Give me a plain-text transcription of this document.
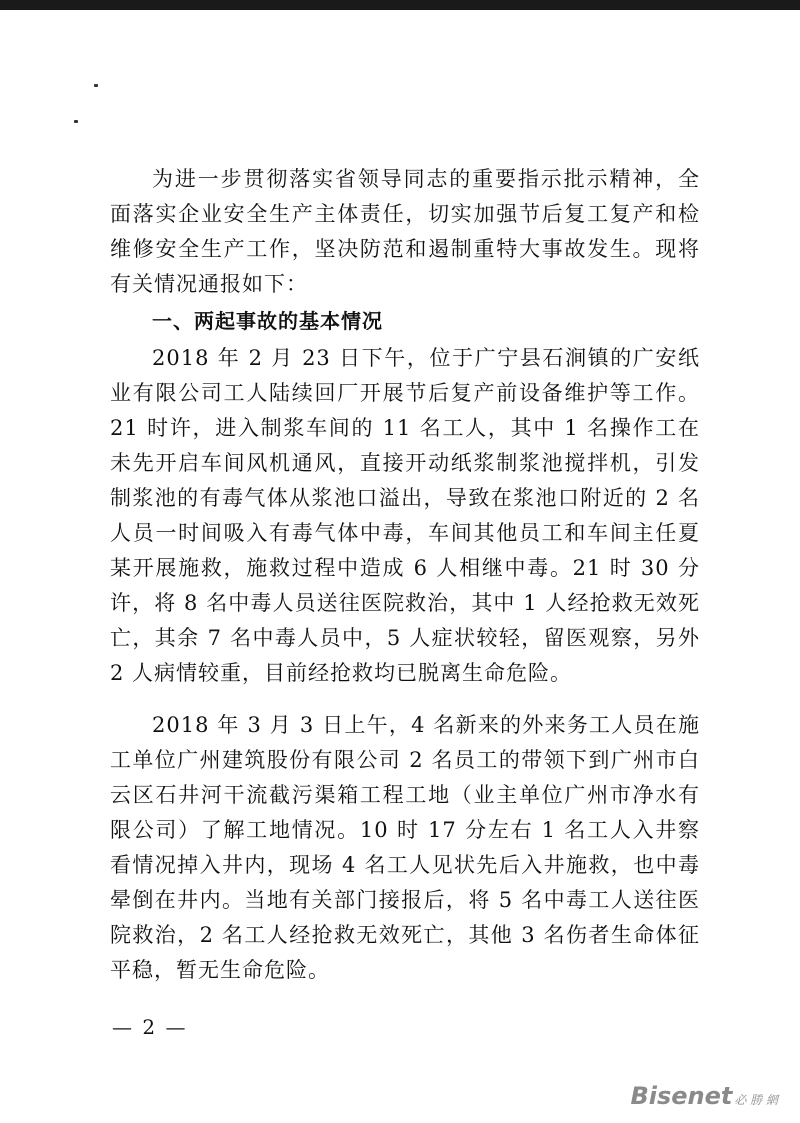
为进一步贯彻落实省领导同志的重要指示批示精神，全面落实企业安全生产主体责任，切实加强节后复工复产和检维修安全生产工作，坚决防范和遏制重特大事故发生。现将有关情况通报如下：

一、两起事故的基本情况

2018 年 2 月 23 日下午，位于广宁县石涧镇的广安纸业有限公司工人陆续回厂开展节后复产前设备维护等工作。21 时许，进入制浆车间的 11 名工人，其中 1 名操作工在未先开启车间风机通风，直接开动纸浆制浆池搅拌机，引发制浆池的有毒气体从浆池口溢出，导致在浆池口附近的 2 名人员一时间吸入有毒气体中毒，车间其他员工和车间主任夏某开展施救，施救过程中造成 6 人相继中毒。21 时 30 分许，将 8 名中毒人员送往医院救治，其中 1 人经抢救无效死亡，其余 7 名中毒人员中，5 人症状较轻，留医观察，另外 2 人病情较重，目前经抢救均已脱离生命危险。

2018 年 3 月 3 日上午，4 名新来的外来务工人员在施工单位广州建筑股份有限公司 2 名员工的带领下到广州市白云区石井河干流截污渠箱工程工地（业主单位广州市净水有限公司）了解工地情况。10 时 17 分左右 1 名工人入井察看情况掉入井内，现场 4 名工人见状先后入井施救，也中毒晕倒在井内。当地有关部门接报后，将 5 名中毒工人送往医院救治，2 名工人经抢救无效死亡，其他 3 名伤者生命体征平稳，暂无生命危险。

— 2 —
Bisenet 必 勝 網
